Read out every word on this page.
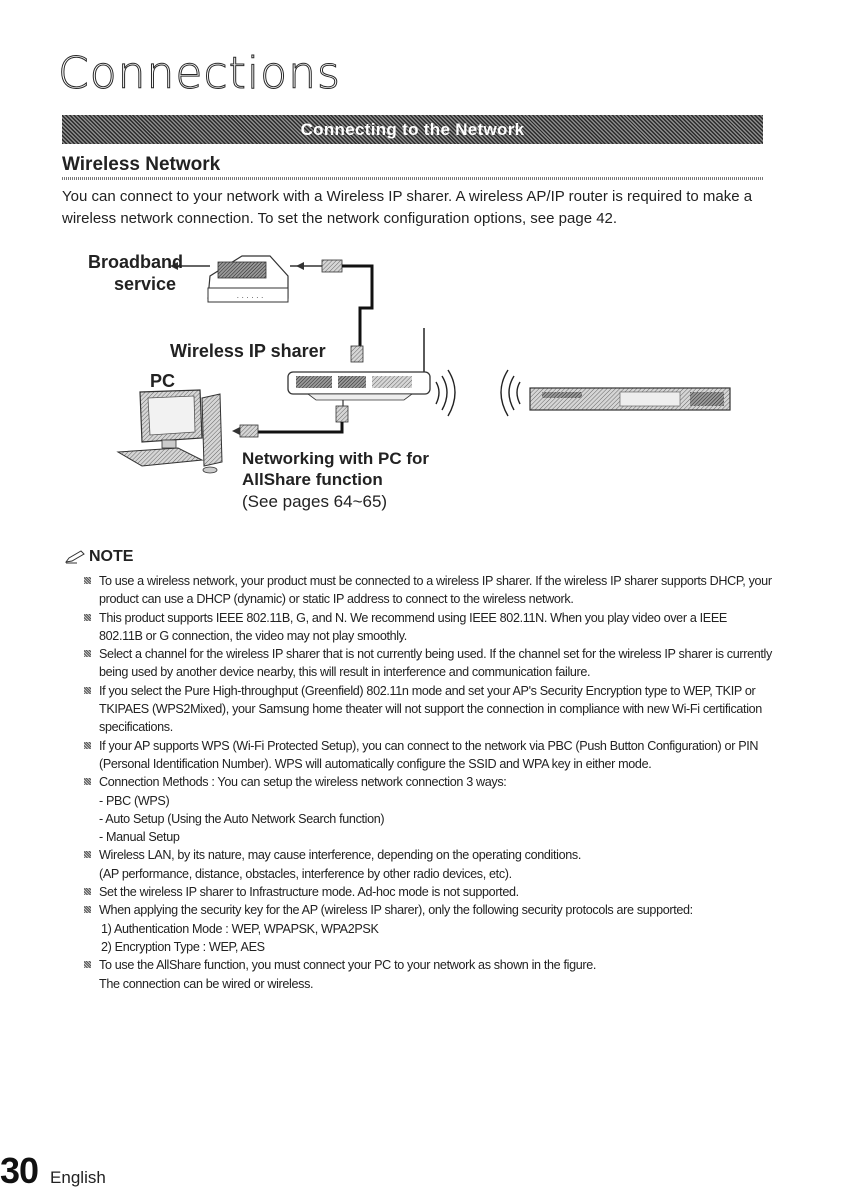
Connections
Connecting to the Network
Wireless Network
You can connect to your network with a Wireless IP sharer. A wireless AP/IP router is required to make a wireless network connection. To set the network configuration options, see page 42.
· · · · · ·
Broadband
service
Wireless IP sharer
PC
Networking with PC for
AllShare function
(See pages 64~65)
NOTE
To use a wireless network, your product must be connected to a wireless IP sharer. If the wireless IP sharer supports DHCP, your product can use a DHCP (dynamic) or static IP address to connect to the wireless network.
This product supports IEEE 802.11B, G, and N. We recommend using IEEE 802.11N. When you play video over a IEEE 802.11B or G connection, the video may not play smoothly.
Select a channel for the wireless IP sharer that is not currently being used. If the channel set for the wireless IP sharer is currently being used by another device nearby, this will result in interference and communication failure.
If you select the Pure High-throughput (Greenfield) 802.11n mode and set your AP's Security Encryption type to WEP, TKIP or TKIPAES (WPS2Mixed), your Samsung home theater will not support the connection in compliance with new Wi-Fi certification specifications.
If your AP supports WPS (Wi-Fi Protected Setup), you can connect to the network via PBC (Push Button Configuration) or PIN (Personal Identification Number). WPS will automatically configure the SSID and WPA key in either mode.
Connection Methods : You can setup the wireless network connection 3 ways:
- PBC (WPS)
- Auto Setup (Using the Auto Network Search function)
- Manual Setup
Wireless LAN, by its nature, may cause interference, depending on the operating conditions.
(AP performance, distance, obstacles, interference by other radio devices, etc).
Set the wireless IP sharer to Infrastructure mode. Ad-hoc mode is not supported.
When applying the security key for the AP (wireless IP sharer), only the following security protocols are supported:
1) Authentication Mode : WEP, WPAPSK, WPA2PSK
2) Encryption Type : WEP, AES
To use the AllShare function, you must connect your PC to your network as shown in the figure.
The connection can be wired or wireless.
30 English
